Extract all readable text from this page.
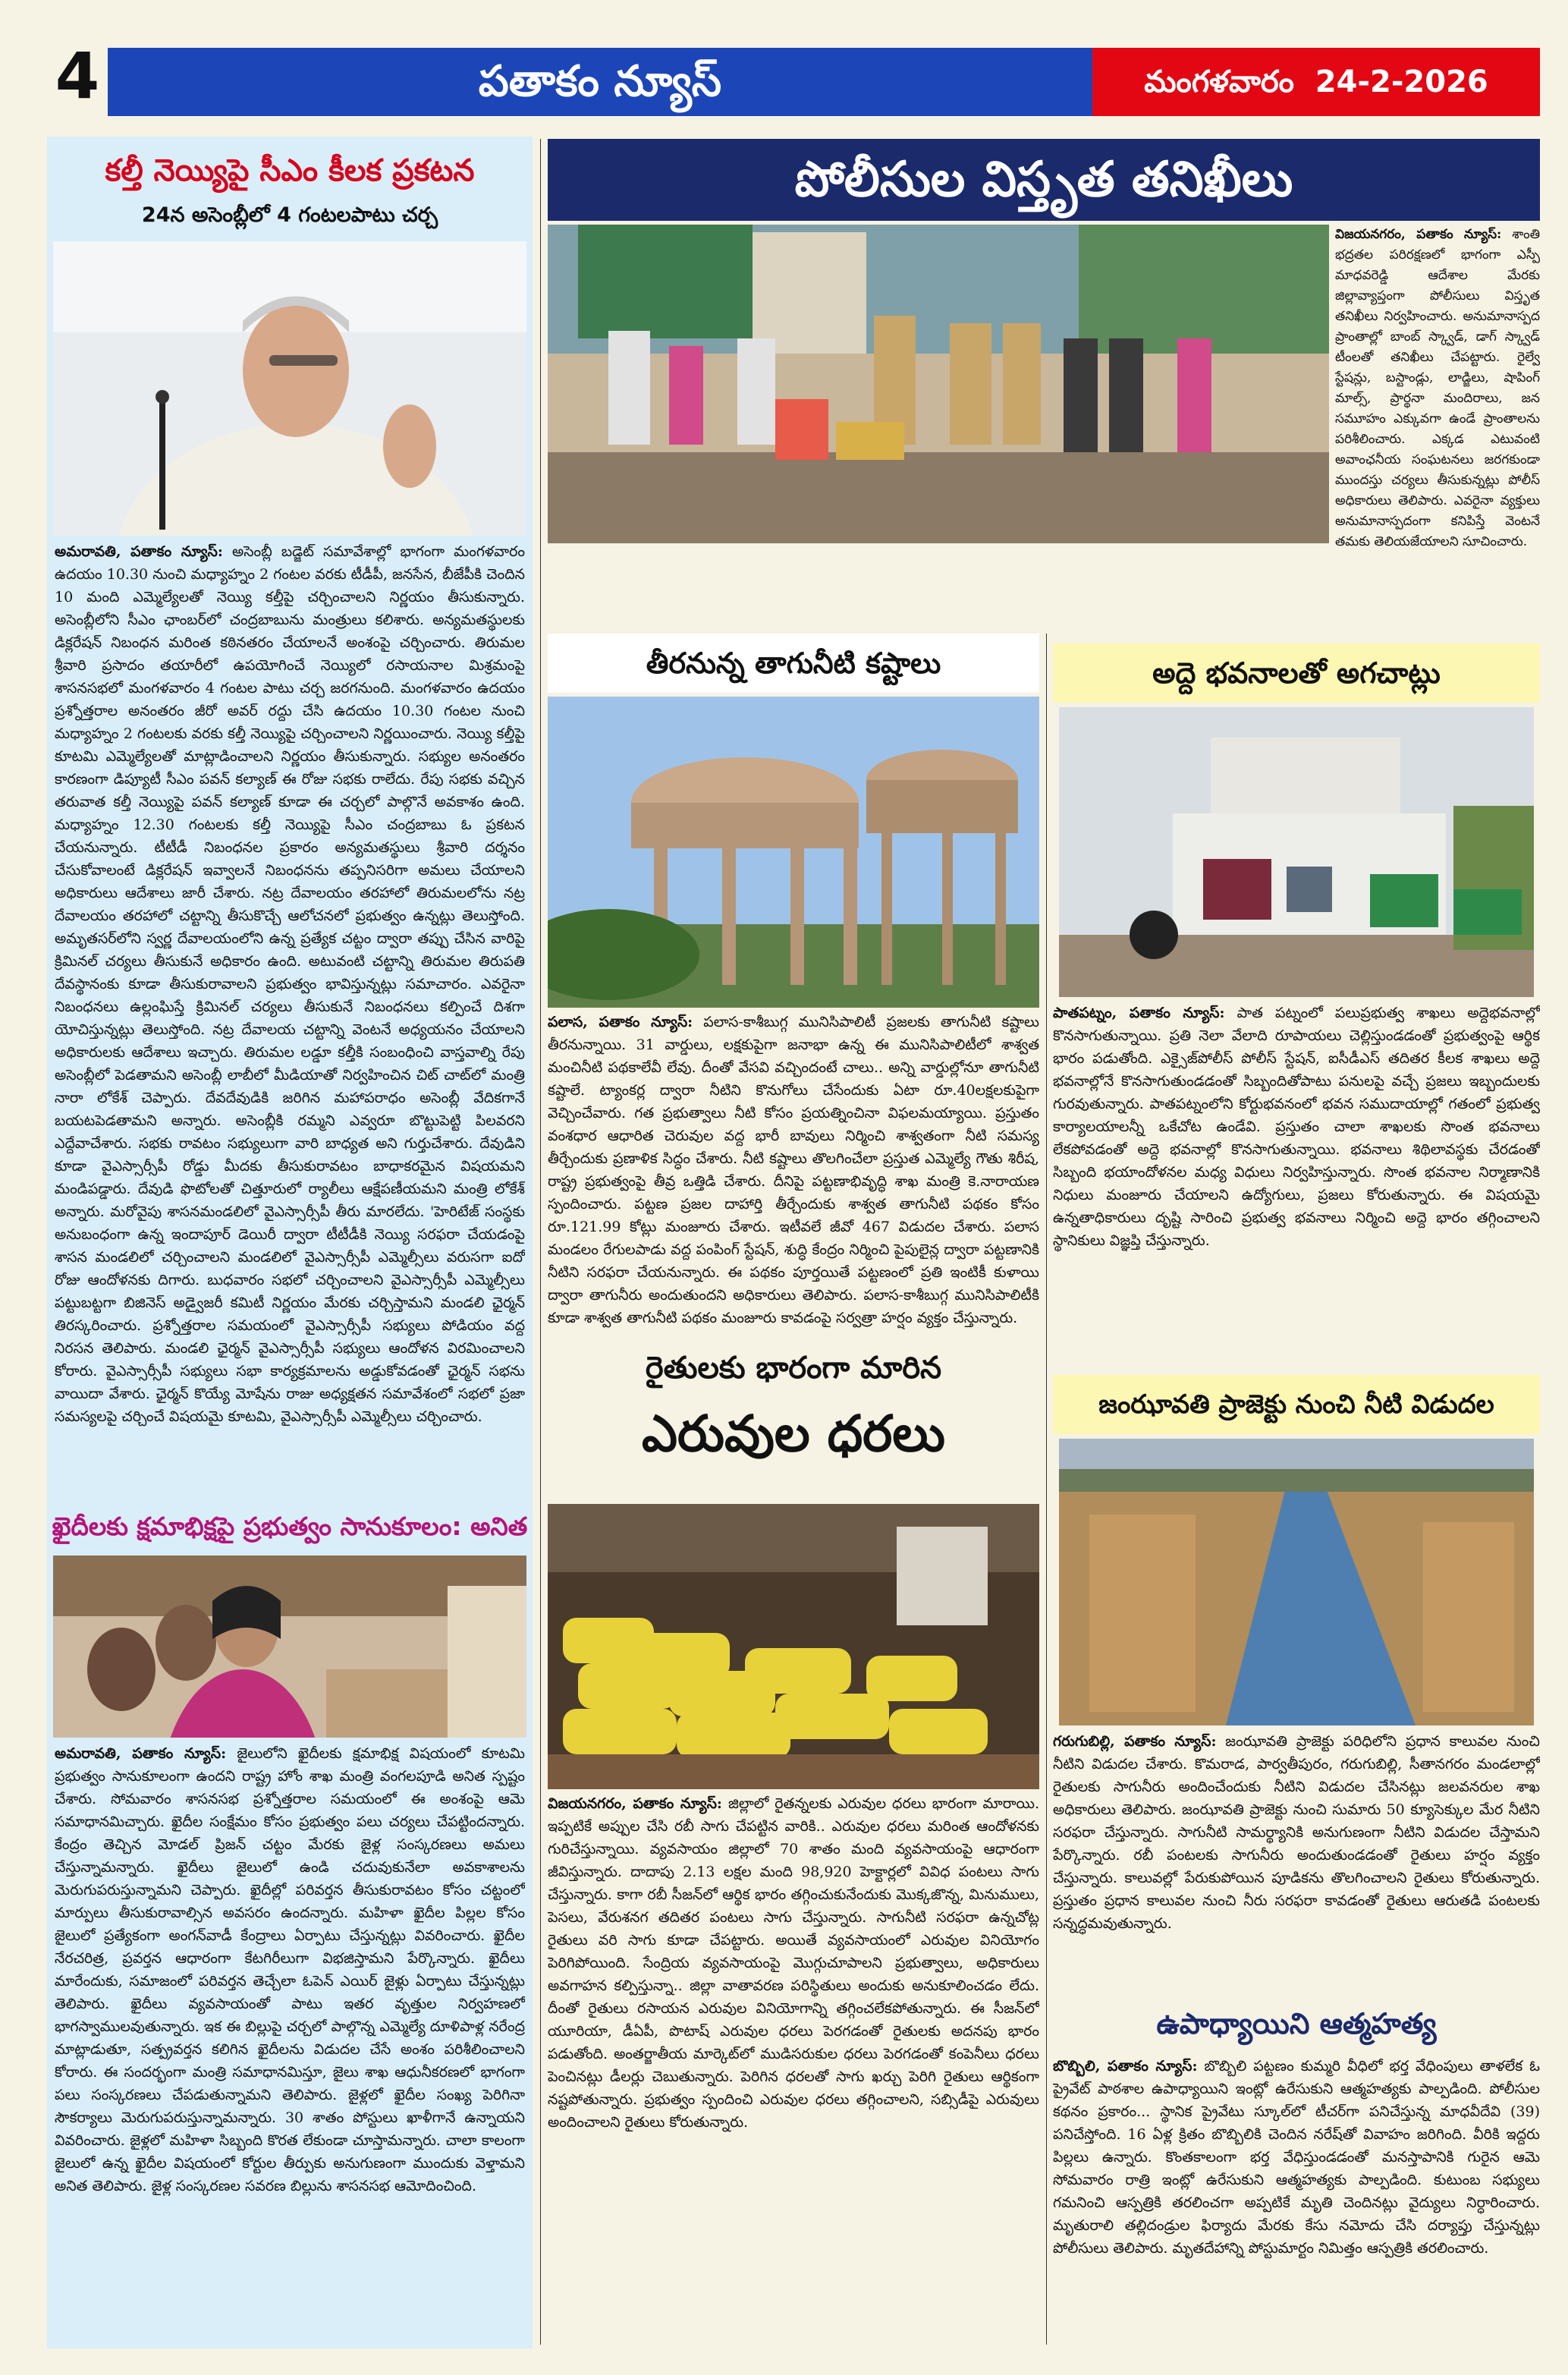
4	పతాకం న్యూస్	మంగళవారం 24-2-2026
కల్తీ నెయ్యిపై సీఎం కీలక ప్రకటన
24న అసెంబ్లీలో 4 గంటలపాటు చర్చ
అమరావతి, పతాకం న్యూస్: అసెంబ్లీ బడ్జెట్ సమావేశాల్లో భాగంగా మంగళవారం ఉదయం 10.30 నుంచి మధ్యాహ్నం 2 గంటల వరకు టీడీపీ, జనసేన, బీజేపీకి చెందిన 10 మంది ఎమ్మెల్యేలతో నెయ్యి కల్తీపై చర్చించాలని నిర్ణయం తీసుకున్నారు. అసెంబ్లీలోని సీఎం ఛాంబర్‌లో చంద్రబాబును మంత్రులు కలిశారు. అన్యమతస్థులకు డిక్లరేషన్ నిబంధన మరింత కఠినతరం చేయాలనే అంశంపై చర్చించారు. తిరుమల శ్రీవారి ప్రసాదం తయారీలో ఉపయోగించే నెయ్యిలో రసాయనాల మిశ్రమంపై శాసనసభలో మంగళవారం 4 గంటల పాటు చర్చ జరగనుంది. మంగళవారం ఉదయం ప్రశ్నోత్తరాల అనంతరం జీరో అవర్ రద్దు చేసి ఉదయం 10.30 గంటల నుంచి మధ్యాహ్నం 2 గంటలకు వరకు కల్తీ నెయ్యిపై చర్చించాలని నిర్ణయించారు. నెయ్యి కల్తీపై కూటమి ఎమ్మెల్యేలతో మాట్లాడించాలని నిర్ణయం తీసుకున్నారు. సభ్యుల అనంతరం కారణంగా డిప్యూటీ సీఎం పవన్ కల్యాణ్ ఈ రోజు సభకు రాలేదు. రేపు సభకు వచ్చిన తరువాత కల్తీ నెయ్యిపై పవన్ కల్యాణ్ కూడా ఈ చర్చలో పాల్గొనే అవకాశం ఉంది. మధ్యాహ్నం 12.30 గంటలకు కల్తీ నెయ్యిపై సీఎం చంద్రబాబు ఓ ప్రకటన చేయనున్నారు. టీటీడీ నిబంధనల ప్రకారం అన్యమతస్థులు శ్రీవారి దర్శనం చేసుకోవాలంటే డిక్లరేషన్ ఇవ్వాలనే నిబంధనను తప్పనిసరిగా అమలు చేయాలని అధికారులు ఆదేశాలు జారీ చేశారు. నట్ర దేవాలయం తరహాలో తిరుమలలోను నట్ర దేవాలయం తరహాలో చట్టాన్ని తీసుకొచ్చే ఆలోచనలో ప్రభుత్వం ఉన్నట్లు తెలుస్తోంది. అమృతసర్‌లోని స్వర్ణ దేవాలయంలోని ఉన్న ప్రత్యేక చట్టం ద్వారా తప్పు చేసిన వారిపై క్రిమినల్ చర్యలు తీసుకునే అధికారం ఉంది. అటువంటి చట్టాన్ని తిరుమల తిరుపతి దేవస్థానంకు కూడా తీసుకురావాలని ప్రభుత్వం భావిస్తున్నట్లు సమాచారం. ఎవరైనా నిబంధనలు ఉల్లంఘిస్తే క్రిమినల్ చర్యలు తీసుకునే నిబంధనలు కల్పించే దిశగా యోచిస్తున్నట్లు తెలుస్తోంది. నట్ర దేవాలయ చట్టాన్ని వెంటనే అధ్యయనం చేయాలని అధికారులకు ఆదేశాలు ఇచ్చారు. తిరుమల లడ్డూ కల్తీకి సంబంధించి వాస్తవాల్ని రేపు అసెంబ్లీలో పెడతామని అసెంబ్లీ లాబీలో మీడియాతో నిర్వహించిన చిట్ చాట్‌లో మంత్రి నారా లోకేశ్ చెప్పారు. దేవదేవుడికి జరిగిన మహాపరాధం అసెంబ్లీ వేదికగానే బయటపెడతామని అన్నారు. అసెంబ్లీకి రమ్మని ఎవ్వరూ బొట్టుపెట్టి పిలవరని ఎద్దేవాచేశారు. సభకు రావటం సభ్యులుగా వారి బాధ్యత అని గుర్తుచేశారు. దేవుడిని కూడా వైఎస్సార్సీపీ రోడ్డు మీదకు తీసుకురావటం బాధాకరమైన విషయమని మండిపడ్డారు. దేవుడి ఫొటోలతో చిత్తూరులో ర్యాలీలు ఆక్షేపణీయమని మంత్రి లోకేశ్ అన్నారు. మరోవైపు శాసనమండలిలో వైఎస్సార్సీపీ తీరు మారలేదు. 'హెరిటేజ్ సంస్థకు అనుబంధంగా ఉన్న ఇందాపూర్ డెయిరీ ద్వారా టీటీడీకి నెయ్యి సరఫరా చేయడంపై శాసన మండలిలో చర్చించాలని మండలిలో వైఎస్సార్సీపీ ఎమ్మెల్సీలు వరుసగా ఐదో రోజు ఆందోళనకు దిగారు. బుధవారం సభలో చర్చించాలని వైఎస్సార్సీపీ ఎమ్మెల్సీలు పట్టుబట్టగా బిజినెస్ అడ్వైజరీ కమిటీ నిర్ణయం మేరకు చర్చిస్తామని మండలి ఛైర్మన్ తిరస్కరించారు. ప్రశ్నోత్తరాల సమయంలో వైఎస్సార్సీపీ సభ్యులు పోడియం వద్ద నిరసన తెలిపారు. మండలి ఛైర్మన్ వైఎస్సార్సీపీ సభ్యులు ఆందోళన విరమించాలని కోరారు. వైఎస్సార్సీపీ సభ్యులు సభా కార్యక్రమాలను అడ్డుకోవడంతో ఛైర్మన్ సభను వాయిదా వేశారు. ఛైర్మన్ కొయ్యే మోషేను రాజు అధ్యక్షతన సమావేశంలో సభలో ప్రజా సమస్యలపై చర్చించే విషయమై కూటమి, వైఎస్సార్సీపీ ఎమ్మెల్సీలు చర్చించారు.
ఖైదీలకు క్షమాభిక్షపై ప్రభుత్వం సానుకూలం: అనిత
అమరావతి, పతాకం న్యూస్: జైలులోని ఖైదీలకు క్షమాభిక్ష విషయంలో కూటమి ప్రభుత్వం సానుకూలంగా ఉందని రాష్ట్ర హోం శాఖ మంత్రి వంగలపూడి అనిత స్పష్టం చేశారు. సోమవారం శాసనసభ ప్రశ్నోత్తరాల సమయంలో ఈ అంశంపై ఆమె సమాధానమిచ్చారు. ఖైదీల సంక్షేమం కోసం ప్రభుత్వం పలు చర్యలు చేపట్టిందన్నారు. కేంద్రం తెచ్చిన మోడల్ ప్రిజన్ చట్టం మేరకు జైళ్ల సంస్కరణలు అమలు చేస్తున్నామన్నారు. ఖైదీలు జైలులో ఉండి చదువుకునేలా అవకాశాలను మెరుగుపరుస్తున్నామని చెప్పారు. ఖైదీల్లో పరివర్తన తీసుకురావటం కోసం చట్టంలో మార్పులు తీసుకురావాల్సిన అవసరం ఉందన్నారు. మహిళా ఖైదీల పిల్లల కోసం జైలులో ప్రత్యేకంగా అంగన్‌వాడీ కేంద్రాలు ఏర్పాటు చేస్తున్నట్లు వివరించారు. ఖైదీల నేరచరిత్ర, ప్రవర్తన ఆధారంగా కేటగిరీలుగా విభజిస్తామని పేర్కొన్నారు. ఖైదీలు మారేందుకు, సమాజంలో పరివర్తన తెచ్చేలా ఓపెన్ ఎయిర్ జైళ్లు ఏర్పాటు చేస్తున్నట్లు తెలిపారు. ఖైదీలు వ్యవసాయంతో పాటు ఇతర వృత్తుల నిర్వహణలో భాగస్వాములవుతున్నారు. ఇక ఈ బిల్లుపై చర్చలో పాల్గొన్న ఎమ్మెల్యే దూళిపాళ్ల నరేంద్ర మాట్లాడుతూ, సత్ప్రవర్తన కలిగిన ఖైదీలను విడుదల చేసే అంశం పరిశీలించాలని కోరారు. ఈ సందర్భంగా మంత్రి సమాధానమిస్తూ, జైలు శాఖ ఆధునీకరణలో భాగంగా పలు సంస్కరణలు చేపడుతున్నామని తెలిపారు. జైళ్లలో ఖైదీల సంఖ్య పెరిగినా సౌకర్యాలు మెరుగుపరుస్తున్నామన్నారు. 30 శాతం పోస్టులు ఖాళీగానే ఉన్నాయని వివరించారు. జైళ్లలో మహిళా సిబ్బంది కొరత లేకుండా చూస్తామన్నారు. చాలా కాలంగా జైలులో ఉన్న ఖైదీల విషయంలో కోర్టుల తీర్పుకు అనుగుణంగా ముందుకు వెళ్తామని అనిత తెలిపారు. జైళ్ల సంస్కరణల సవరణ బిల్లును శాసనసభ ఆమోదించింది.
పోలీసుల విస్తృత తనిఖీలు
విజయనగరం, పతాకం న్యూస్: శాంతి భద్రతల పరిరక్షణలో భాగంగా ఎస్పీ మాధవరెడ్డి ఆదేశాల మేరకు జిల్లావ్యాప్తంగా పోలీసులు విస్తృత తనిఖీలు నిర్వహించారు. అనుమానాస్పద ప్రాంతాల్లో బాంబ్ స్క్వాడ్, డాగ్ స్క్వాడ్ టీంలతో తనిఖీలు చేపట్టారు. రైల్వే స్టేషన్లు, బస్టాండ్లు, లాడ్జిలు, షాపింగ్ మాల్స్, ప్రార్థనా మందిరాలు, జన సమూహం ఎక్కువగా ఉండే ప్రాంతాలను పరిశీలించారు. ఎక్కడ ఎటువంటి అవాంఛనీయ సంఘటనలు జరగకుండా ముందస్తు చర్యలు తీసుకున్నట్లు పోలీస్ అధికారులు తెలిపారు. ఎవరైనా వ్యక్తులు అనుమానాస్పదంగా కనిపిస్తే వెంటనే తమకు తెలియజేయాలని సూచించారు.
తీరనున్న తాగునీటి కష్టాలు
పలాస, పతాకం న్యూస్: పలాస-కాశీబుగ్గ మునిసిపాలిటీ ప్రజలకు తాగునీటి కష్టాలు తీరనున్నాయి. 31 వార్డులు, లక్షకుపైగా జనాభా ఉన్న ఈ మునిసిపాలిటీలో శాశ్వత మంచినీటి పథకాలేవీ లేవు. దీంతో వేసవి వచ్చిందంటే చాలు.. అన్ని వార్డుల్లోనూ తాగునీటి కష్టాలే. ట్యాంకర్ల ద్వారా నీటిని కొనుగోలు చేసేందుకు ఏటా రూ.40లక్షలకుపైగా వెచ్చించేవారు. గత ప్రభుత్వాలు నీటి కోసం ప్రయత్నించినా విఫలమయ్యాయి. ప్రస్తుతం వంశధార ఆధారిత చెరువుల వద్ద భారీ బావులు నిర్మించి శాశ్వతంగా నీటి సమస్య తీర్చేందుకు ప్రణాళిక సిద్ధం చేశారు. నీటి కష్టాలు తొలగించేలా ప్రస్తుత ఎమ్మెల్యే గౌతు శిరీష, రాష్ట్ర ప్రభుత్వంపై తీవ్ర ఒత్తిడి చేశారు. దీనిపై పట్టణాభివృద్ధి శాఖ మంత్రి కె.నారాయణ స్పందించారు. పట్టణ ప్రజల దాహార్తి తీర్చేందుకు శాశ్వత తాగునీటి పథకం కోసం రూ.121.99 కోట్లు మంజూరు చేశారు. ఇటీవలే జీవో 467 విడుదల చేశారు. పలాస మండలం రేగులపాడు వద్ద పంపింగ్ స్టేషన్, శుద్ధి కేంద్రం నిర్మించి పైపులైన్ల ద్వారా పట్టణానికి నీటిని సరఫరా చేయనున్నారు. ఈ పథకం పూర్తయితే పట్టణంలో ప్రతి ఇంటికీ కుళాయి ద్వారా తాగునీరు అందుతుందని అధికారులు తెలిపారు. పలాస-కాశీబుగ్గ మునిసిపాలిటీకి కూడా శాశ్వత తాగునీటి పథకం మంజూరు కావడంపై సర్వత్రా హర్షం వ్యక్తం చేస్తున్నారు.
రైతులకు భారంగా మారిన
ఎరువుల ధరలు
విజయనగరం, పతాకం న్యూస్: జిల్లాలో రైతన్నలకు ఎరువుల ధరలు భారంగా మారాయి. ఇప్పటికే అప్పుల చేసి రబీ సాగు చేపట్టిన వారికి.. ఎరువుల ధరలు మరింత ఆందోళనకు గురిచేస్తున్నాయి. వ్యవసాయం జిల్లాలో 70 శాతం మంది వ్యవసాయంపై ఆధారంగా జీవిస్తున్నారు. దాదాపు 2.13 లక్షల మంది 98,920 హెక్టార్లలో వివిధ పంటలు సాగు చేస్తున్నారు. కాగా రబీ సీజన్‌లో ఆర్థిక భారం తగ్గించుకునేందుకు మొక్కజొన్న, మినుములు, పెసలు, వేరుశనగ తదితర పంటలు సాగు చేస్తున్నారు. సాగునీటి సరఫరా ఉన్నచోట్ల రైతులు వరి సాగు కూడా చేపట్టారు. అయితే వ్యవసాయంలో ఎరువుల వినియోగం పెరిగిపోయింది. సేంద్రియ వ్యవసాయంపై మొగ్గుచూపాలని ప్రభుత్వాలు, అధికారులు అవగాహన కల్పిస్తున్నా.. జిల్లా వాతావరణ పరిస్థితులు అందుకు అనుకూలించడం లేదు. దీంతో రైతులు రసాయన ఎరువుల వినియోగాన్ని తగ్గించలేకపోతున్నారు. ఈ సీజన్‌లో యూరియా, డీఏపీ, పొటాష్ ఎరువుల ధరలు పెరగడంతో రైతులకు అదనపు భారం పడుతోంది. అంతర్జాతీయ మార్కెట్‌లో ముడిసరుకుల ధరలు పెరగడంతో కంపెనీలు ధరలు పెంచినట్లు డీలర్లు చెబుతున్నారు. పెరిగిన ధరలతో సాగు ఖర్చు పెరిగి రైతులు ఆర్థికంగా నష్టపోతున్నారు. ప్రభుత్వం స్పందించి ఎరువుల ధరలు తగ్గించాలని, సబ్సిడీపై ఎరువులు అందించాలని రైతులు కోరుతున్నారు.
అద్దె భవనాలతో అగచాట్లు
పాతపట్నం, పతాకం న్యూస్: పాత పట్నంలో పలుప్రభుత్వ శాఖలు అద్దెభవనాల్లో కొనసాగుతున్నాయి. ప్రతి నెలా వేలాది రూపాయలు చెల్లిస్తుండడంతో ప్రభుత్వంపై ఆర్థిక భారం పడుతోంది. ఎక్సైజ్‌పోలీస్ పోలీస్ స్టేషన్, ఐసీడీఎస్ తదితర కీలక శాఖలు అద్దె భవనాల్లోనే కొనసాగుతుండడంతో సిబ్బందితోపాటు పనులపై వచ్చే ప్రజలు ఇబ్బందులకు గురవుతున్నారు. పాతపట్నంలోని కోర్టుభవనంలో భవన సముదాయాల్లో గతంలో ప్రభుత్వ కార్యాలయాలన్నీ ఒకేచోట ఉండేవి. ప్రస్తుతం చాలా శాఖలకు సొంత భవనాలు లేకపోవడంతో అద్దె భవనాల్లో కొనసాగుతున్నాయి. భవనాలు శిథిలావస్థకు చేరడంతో సిబ్బంది భయాందోళనల మధ్య విధులు నిర్వహిస్తున్నారు. సొంత భవనాల నిర్మాణానికి నిధులు మంజూరు చేయాలని ఉద్యోగులు, ప్రజలు కోరుతున్నారు. ఈ విషయమై ఉన్నతాధికారులు దృష్టి సారించి ప్రభుత్వ భవనాలు నిర్మించి అద్దె భారం తగ్గించాలని స్థానికులు విజ్ఞప్తి చేస్తున్నారు.
జంఝావతి ప్రాజెక్టు నుంచి నీటి విడుదల
గరుగుబిల్లి, పతాకం న్యూస్: జంఝావతి ప్రాజెక్టు పరిధిలోని ప్రధాన కాలువల నుంచి నీటిని విడుదల చేశారు. కొమరాడ, పార్వతీపురం, గరుగుబిల్లి, సీతానగరం మండలాల్లో రైతులకు సాగునీరు అందించేందుకు నీటిని విడుదల చేసినట్లు జలవనరుల శాఖ అధికారులు తెలిపారు. జంఝావతి ప్రాజెక్టు నుంచి సుమారు 50 క్యూసెక్కుల మేర నీటిని సరఫరా చేస్తున్నారు. సాగునీటి సామర్థ్యానికి అనుగుణంగా నీటిని విడుదల చేస్తామని పేర్కొన్నారు. రబీ పంటలకు సాగునీరు అందుతుండడంతో రైతులు హర్షం వ్యక్తం చేస్తున్నారు. కాలువల్లో పేరుకుపోయిన పూడికను తొలగించాలని రైతులు కోరుతున్నారు. ప్రస్తుతం ప్రధాన కాలువల నుంచి నీరు సరఫరా కావడంతో రైతులు ఆరుతడి పంటలకు సన్నద్ధమవుతున్నారు.
ఉపాధ్యాయిని ఆత్మహత్య
బొబ్బిలి, పతాకం న్యూస్: బొబ్బిలి పట్టణం కుమ్మరి వీధిలో భర్త వేధింపులు తాళలేక ఓ ప్రైవేట్ పాఠశాల ఉపాధ్యాయిని ఇంట్లో ఉరేసుకుని ఆత్మహత్యకు పాల్పడింది. పోలీసుల కథనం ప్రకారం... స్థానిక ప్రైవేటు స్కూల్‌లో టీచర్‌గా పనిచేస్తున్న మాధవీదేవి (39) పనిచేస్తోంది. 16 ఏళ్ల క్రితం బొబ్బిలికి చెందిన నరేష్‌తో వివాహం జరిగింది. వీరికి ఇద్దరు పిల్లలు ఉన్నారు. కొంతకాలంగా భర్త వేధిస్తుండడంతో మనస్తాపానికి గురైన ఆమె సోమవారం రాత్రి ఇంట్లో ఉరేసుకుని ఆత్మహత్యకు పాల్పడింది. కుటుంబ సభ్యులు గమనించి ఆస్పత్రికి తరలించగా అప్పటికే మృతి చెందినట్లు వైద్యులు నిర్ధారించారు. మృతురాలి తల్లిదండ్రుల ఫిర్యాదు మేరకు కేసు నమోదు చేసి దర్యాప్తు చేస్తున్నట్లు పోలీసులు తెలిపారు. మృతదేహాన్ని పోస్టుమార్టం నిమిత్తం ఆస్పత్రికి తరలించారు.
